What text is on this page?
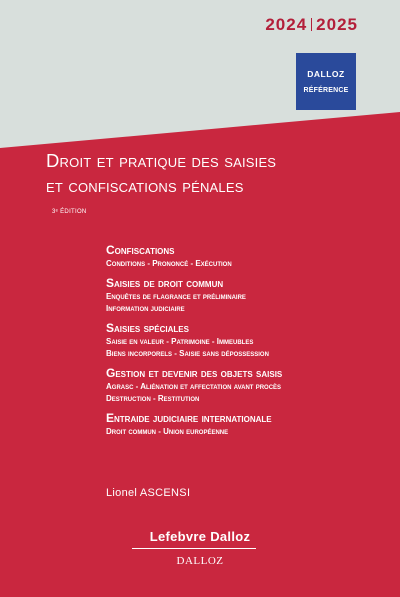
2024 2025
DALLOZ
RÉFÉRENCE
Droit et pratique des saisies
et confiscations pénales
3ᵉ ÉDITION
Confiscations
Conditions - Prononcé - Exécution
Saisies de droit commun
Enquêtes de flagrance et préliminaire
Information judiciaire
Saisies spéciales
Saisie en valeur - Patrimoine - Immeubles
Biens incorporels - Saisie sans dépossession
Gestion et devenir des objets saisis
Agrasc - Aliénation et affectation avant procès
Destruction - Restitution
Entraide judiciaire internationale
Droit commun - Union européenne
Lionel ASCENSI
Lefebvre Dalloz
DALLOZ
